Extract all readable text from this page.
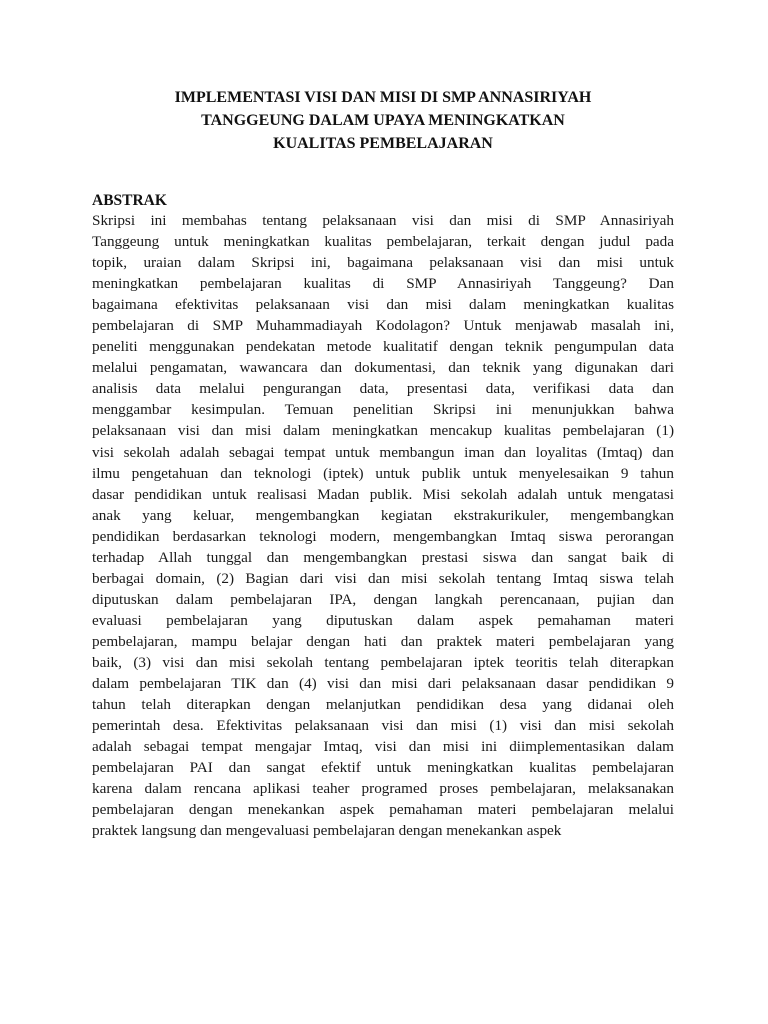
IMPLEMENTASI VISI DAN MISI DI SMP ANNASIRIYAH
TANGGEUNG DALAM UPAYA MENINGKATKAN
KUALITAS PEMBELAJARAN
ABSTRAK
Skripsi ini membahas tentang pelaksanaan visi dan misi di SMP Annasiriyah
Tanggeung untuk meningkatkan kualitas pembelajaran, terkait dengan judul pada
topik, uraian dalam Skripsi ini, bagaimana pelaksanaan visi dan misi untuk
meningkatkan pembelajaran kualitas di SMP Annasiriyah Tanggeung? Dan
bagaimana efektivitas pelaksanaan visi dan misi dalam meningkatkan kualitas
pembelajaran di SMP Muhammadiayah Kodolagon? Untuk menjawab masalah ini,
peneliti menggunakan pendekatan metode kualitatif dengan teknik pengumpulan data
melalui pengamatan, wawancara dan dokumentasi, dan teknik yang digunakan dari
analisis data melalui pengurangan data, presentasi data, verifikasi data dan
menggambar kesimpulan. Temuan penelitian Skripsi ini menunjukkan bahwa
pelaksanaan visi dan misi dalam meningkatkan mencakup kualitas pembelajaran (1)
visi sekolah adalah sebagai tempat untuk membangun iman dan loyalitas (Imtaq) dan
ilmu pengetahuan dan teknologi (iptek) untuk publik untuk menyelesaikan 9 tahun
dasar pendidikan untuk realisasi Madan publik. Misi sekolah adalah untuk mengatasi
anak yang keluar, mengembangkan kegiatan ekstrakurikuler, mengembangkan
pendidikan berdasarkan teknologi modern, mengembangkan Imtaq siswa perorangan
terhadap Allah tunggal dan mengembangkan prestasi siswa dan sangat baik di
berbagai domain, (2) Bagian dari visi dan misi sekolah tentang Imtaq siswa telah
diputuskan dalam pembelajaran IPA, dengan langkah perencanaan, pujian dan
evaluasi pembelajaran yang diputuskan dalam aspek pemahaman materi
pembelajaran, mampu belajar dengan hati dan praktek materi pembelajaran yang
baik, (3) visi dan misi sekolah tentang pembelajaran iptek teoritis telah diterapkan
dalam pembelajaran TIK dan (4) visi dan misi dari pelaksanaan dasar pendidikan 9
tahun telah diterapkan dengan melanjutkan pendidikan desa yang didanai oleh
pemerintah desa. Efektivitas pelaksanaan visi dan misi (1) visi dan misi sekolah
adalah sebagai tempat mengajar Imtaq, visi dan misi ini diimplementasikan dalam
pembelajaran PAI dan sangat efektif untuk meningkatkan kualitas pembelajaran
karena dalam rencana aplikasi teaher programed proses pembelajaran, melaksanakan
pembelajaran dengan menekankan aspek pemahaman materi pembelajaran melalui
praktek langsung dan mengevaluasi pembelajaran dengan menekankan aspek
